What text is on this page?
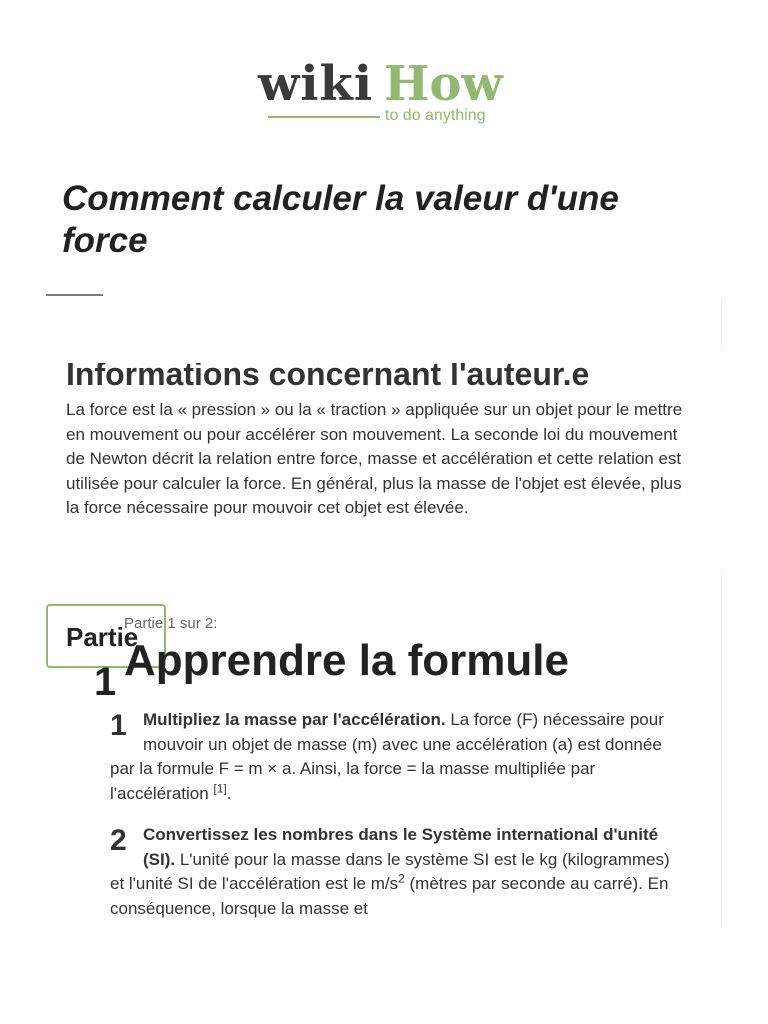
wiki How
to do anything
Comment calculer la valeur d'une force
Informations concernant l'auteur.e

La force est la « pression » ou la « traction » appliquée sur un objet pour le mettre en mouvement ou pour accélérer son mouvement. La seconde loi du mouvement de Newton décrit la relation entre force, masse et accélération et cette relation est utilisée pour calculer la force. En général, plus la masse de l'objet est élevée, plus la force nécessaire pour mouvoir cet objet est élevée.

Partie 1 sur 2:
Partie
1 Apprendre la formule
1 Multipliez la masse par l'accélération. La force (F) nécessaire pour mouvoir un objet de masse (m) avec une accélération (a) est donnée par la formule F = m × a. Ainsi, la force = la masse multipliée par l'accélération [1].
2 Convertissez les nombres dans le Système international d'unité (SI). L'unité pour la masse dans le système SI est le kg (kilogrammes) et l'unité SI de l'accélération est le $m/s^2$ (mètres par seconde au carré). En conséquence, lorsque la masse et
